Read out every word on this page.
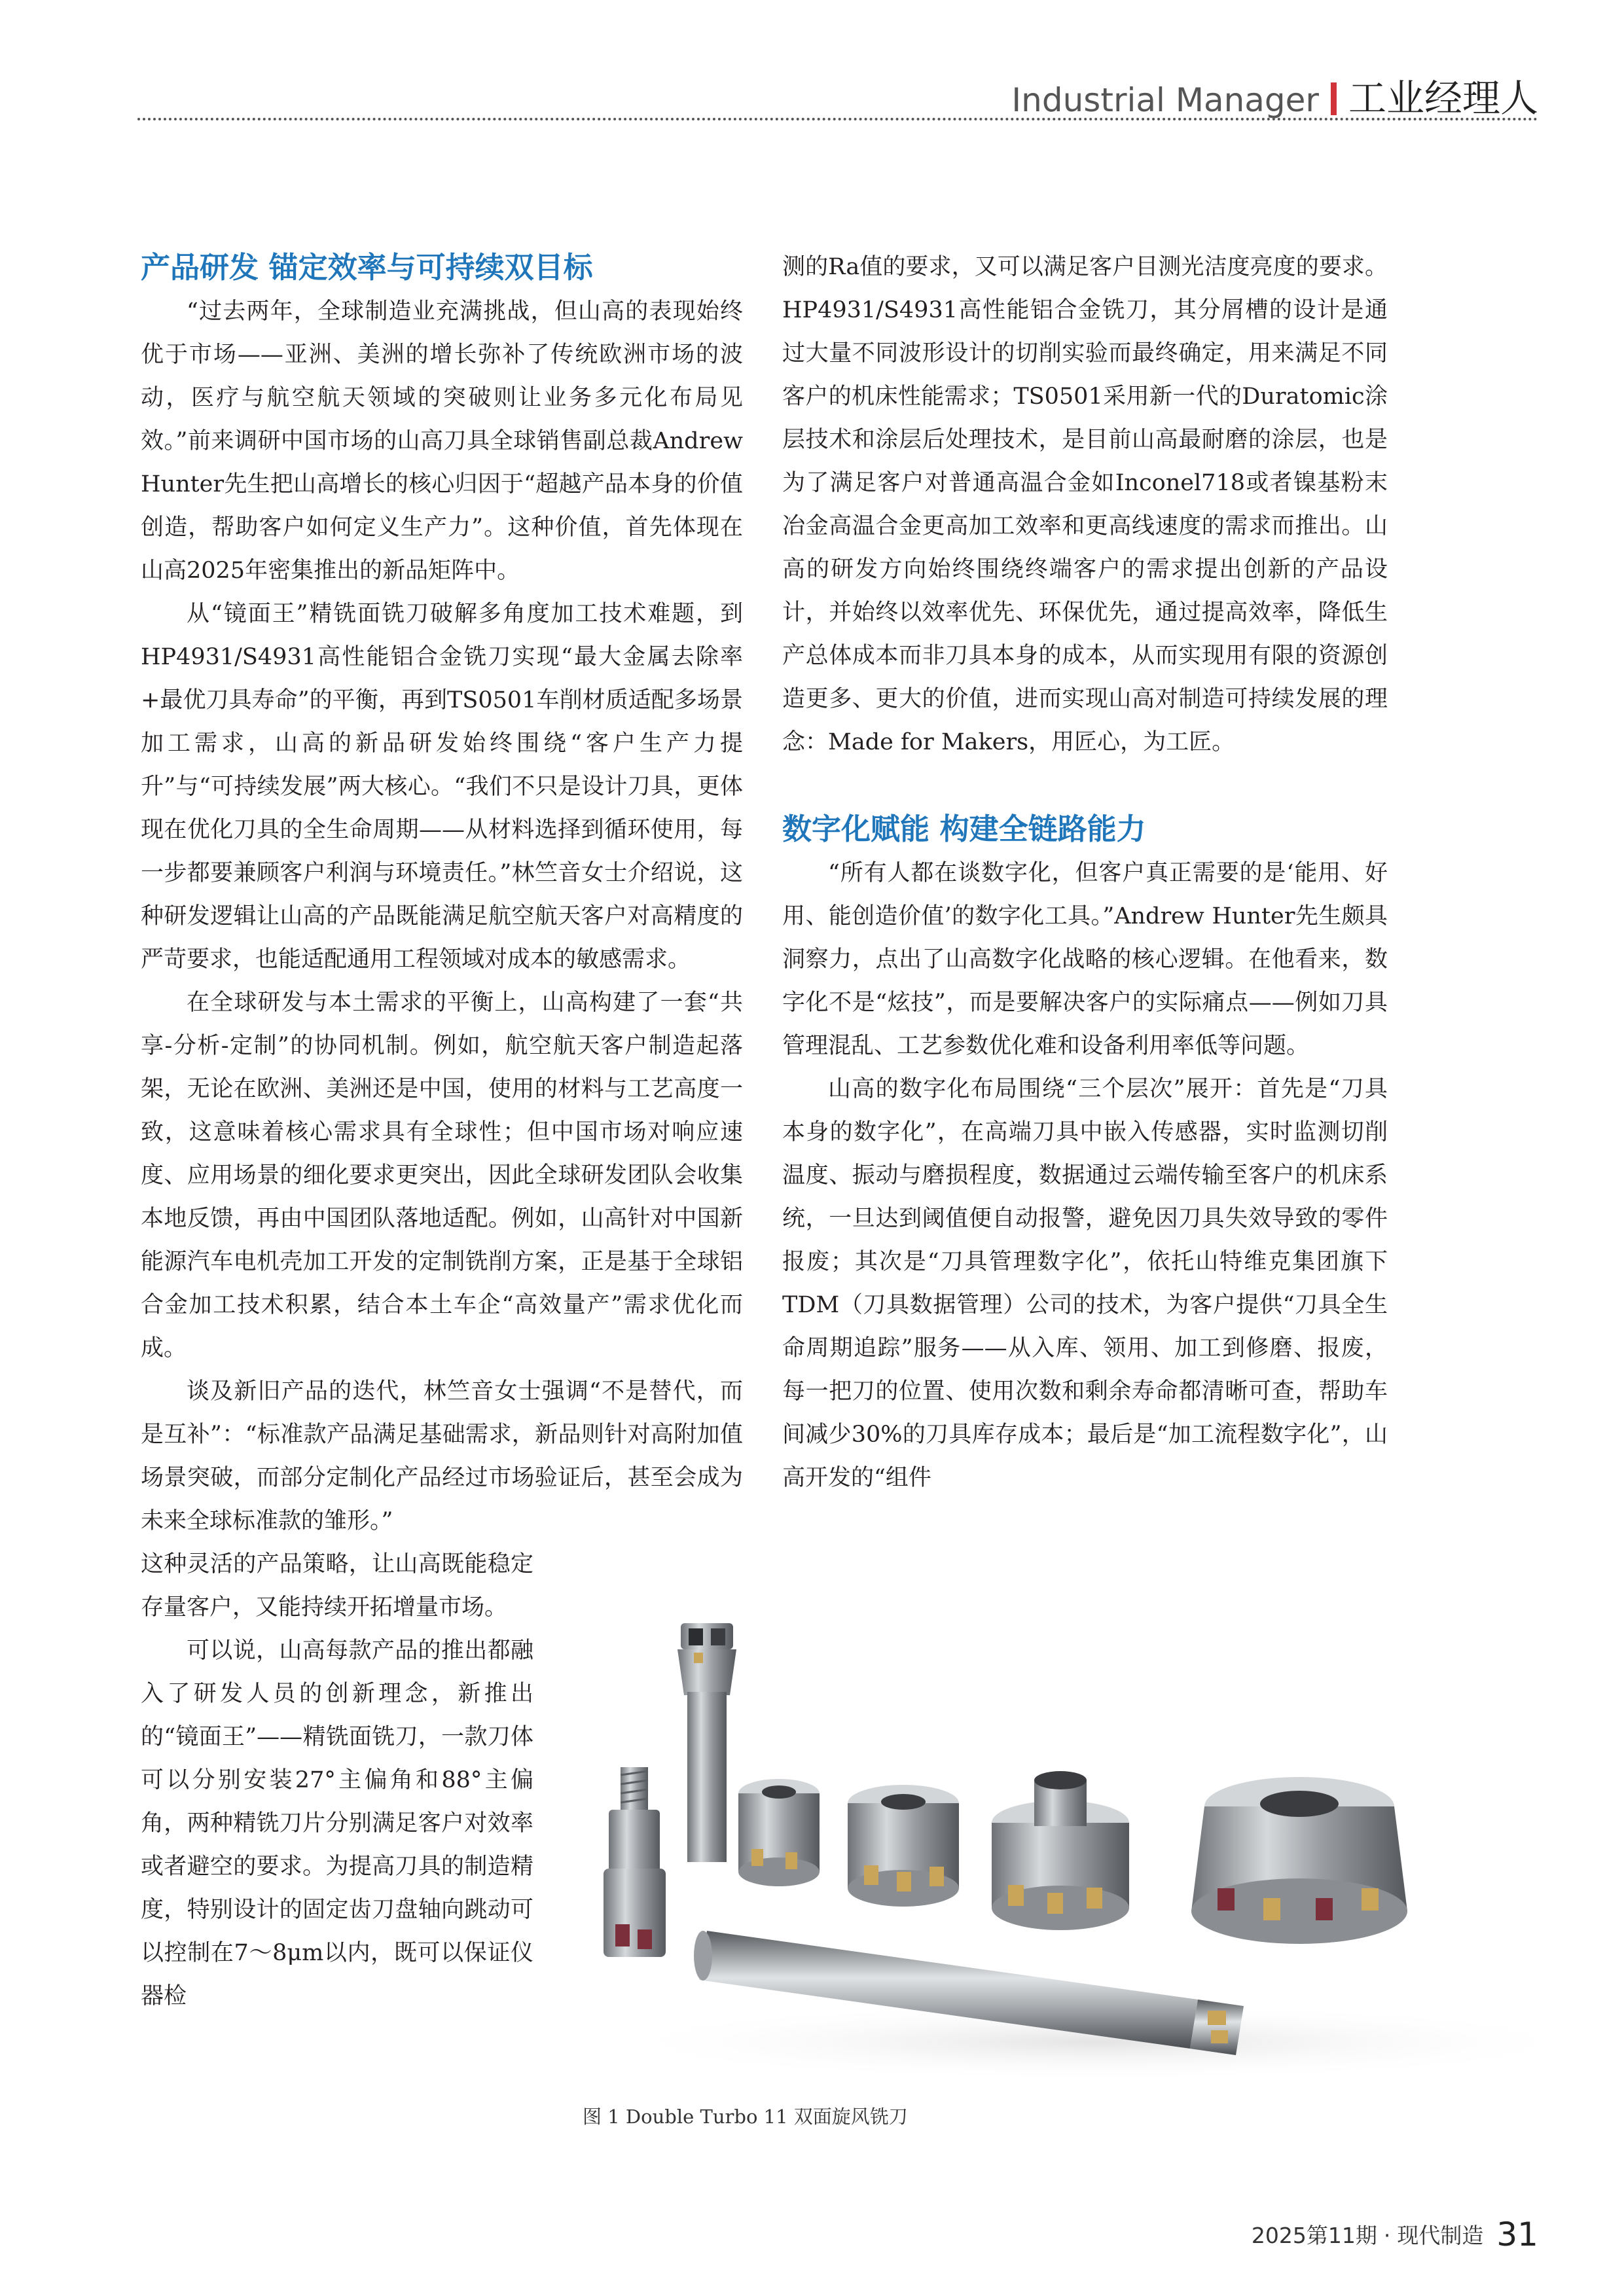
Industrial Manager 工业经理人
产品研发 锚定效率与可持续双目标

“过去两年，全球制造业充满挑战，但山高的表现始终优于市场——亚洲、美洲的增长弥补了传统欧洲市场的波动，医疗与航空航天领域的突破则让业务多元化布局见效。”前来调研中国市场的山高刀具全球销售副总裁Andrew Hunter先生把山高增长的核心归因于“超越产品本身的价值创造，帮助客户如何定义生产力”。这种价值，首先体现在山高2025年密集推出的新品矩阵中。

从“镜面王”精铣面铣刀破解多角度加工技术难题，到HP4931/S4931高性能铝合金铣刀实现“最大金属去除率+最优刀具寿命”的平衡，再到TS0501车削材质适配多场景加工需求，山高的新品研发始终围绕“客户生产力提升”与“可持续发展”两大核心。“我们不只是设计刀具，更体现在优化刀具的全生命周期——从材料选择到循环使用，每一步都要兼顾客户利润与环境责任。”林竺音女士介绍说，这种研发逻辑让山高的产品既能满足航空航天客户对高精度的严苛要求，也能适配通用工程领域对成本的敏感需求。

在全球研发与本土需求的平衡上，山高构建了一套“共享-分析-定制”的协同机制。例如，航空航天客户制造起落架，无论在欧洲、美洲还是中国，使用的材料与工艺高度一致，这意味着核心需求具有全球性；但中国市场对响应速度、应用场景的细化要求更突出，因此全球研发团队会收集本地反馈，再由中国团队落地适配。例如，山高针对中国新能源汽车电机壳加工开发的定制铣削方案，正是基于全球铝合金加工技术积累，结合本土车企“高效量产”需求优化而成。

谈及新旧产品的迭代，林竺音女士强调“不是替代，而是互补”：“标准款产品满足基础需求，新品则针对高附加值场景突破，而部分定制化产品经过市场验证后，甚至会成为未来全球标准款的雏形。”

这种灵活的产品策略，让山高既能稳定存量客户，又能持续开拓增量市场。

可以说，山高每款产品的推出都融入了研发人员的创新理念，新推出的“镜面王”——精铣面铣刀，一款刀体可以分别安装27°主偏角和88°主偏角，两种精铣刀片分别满足客户对效率或者避空的要求。为提高刀具的制造精度，特别设计的固定齿刀盘轴向跳动可以控制在7～8μm以内，既可以保证仪器检

测的Ra值的要求，又可以满足客户目测光洁度亮度的要求。HP4931/S4931高性能铝合金铣刀，其分屑槽的设计是通过大量不同波形设计的切削实验而最终确定，用来满足不同客户的机床性能需求；TS0501采用新一代的Duratomic涂层技术和涂层后处理技术，是目前山高最耐磨的涂层，也是为了满足客户对普通高温合金如Inconel718或者镍基粉末冶金高温合金更高加工效率和更高线速度的需求而推出。山高的研发方向始终围绕终端客户的需求提出创新的产品设计，并始终以效率优先、环保优先，通过提高效率，降低生产总体成本而非刀具本身的成本，从而实现用有限的资源创造更多、更大的价值，进而实现山高对制造可持续发展的理念：Made for Makers，用匠心，为工匠。

数字化赋能 构建全链路能力

“所有人都在谈数字化，但客户真正需要的是‘能用、好用、能创造价值’的数字化工具。”Andrew Hunter先生颇具洞察力，点出了山高数字化战略的核心逻辑。在他看来，数字化不是“炫技”，而是要解决客户的实际痛点——例如刀具管理混乱、工艺参数优化难和设备利用率低等问题。

山高的数字化布局围绕“三个层次”展开：首先是“刀具本身的数字化”，在高端刀具中嵌入传感器，实时监测切削温度、振动与磨损程度，数据通过云端传输至客户的机床系统，一旦达到阈值便自动报警，避免因刀具失效导致的零件报废；其次是“刀具管理数字化”，依托山特维克集团旗下TDM（刀具数据管理）公司的技术，为客户提供“刀具全生命周期追踪”服务——从入库、领用、加工到修磨、报废，每一把刀的位置、使用次数和剩余寿命都清晰可查，帮助车间减少30%的刀具库存成本；最后是“加工流程数字化”，山高开发的“组件

图 1 Double Turbo 11 双面旋风铣刀
2025第11期 · 现代制造 31
